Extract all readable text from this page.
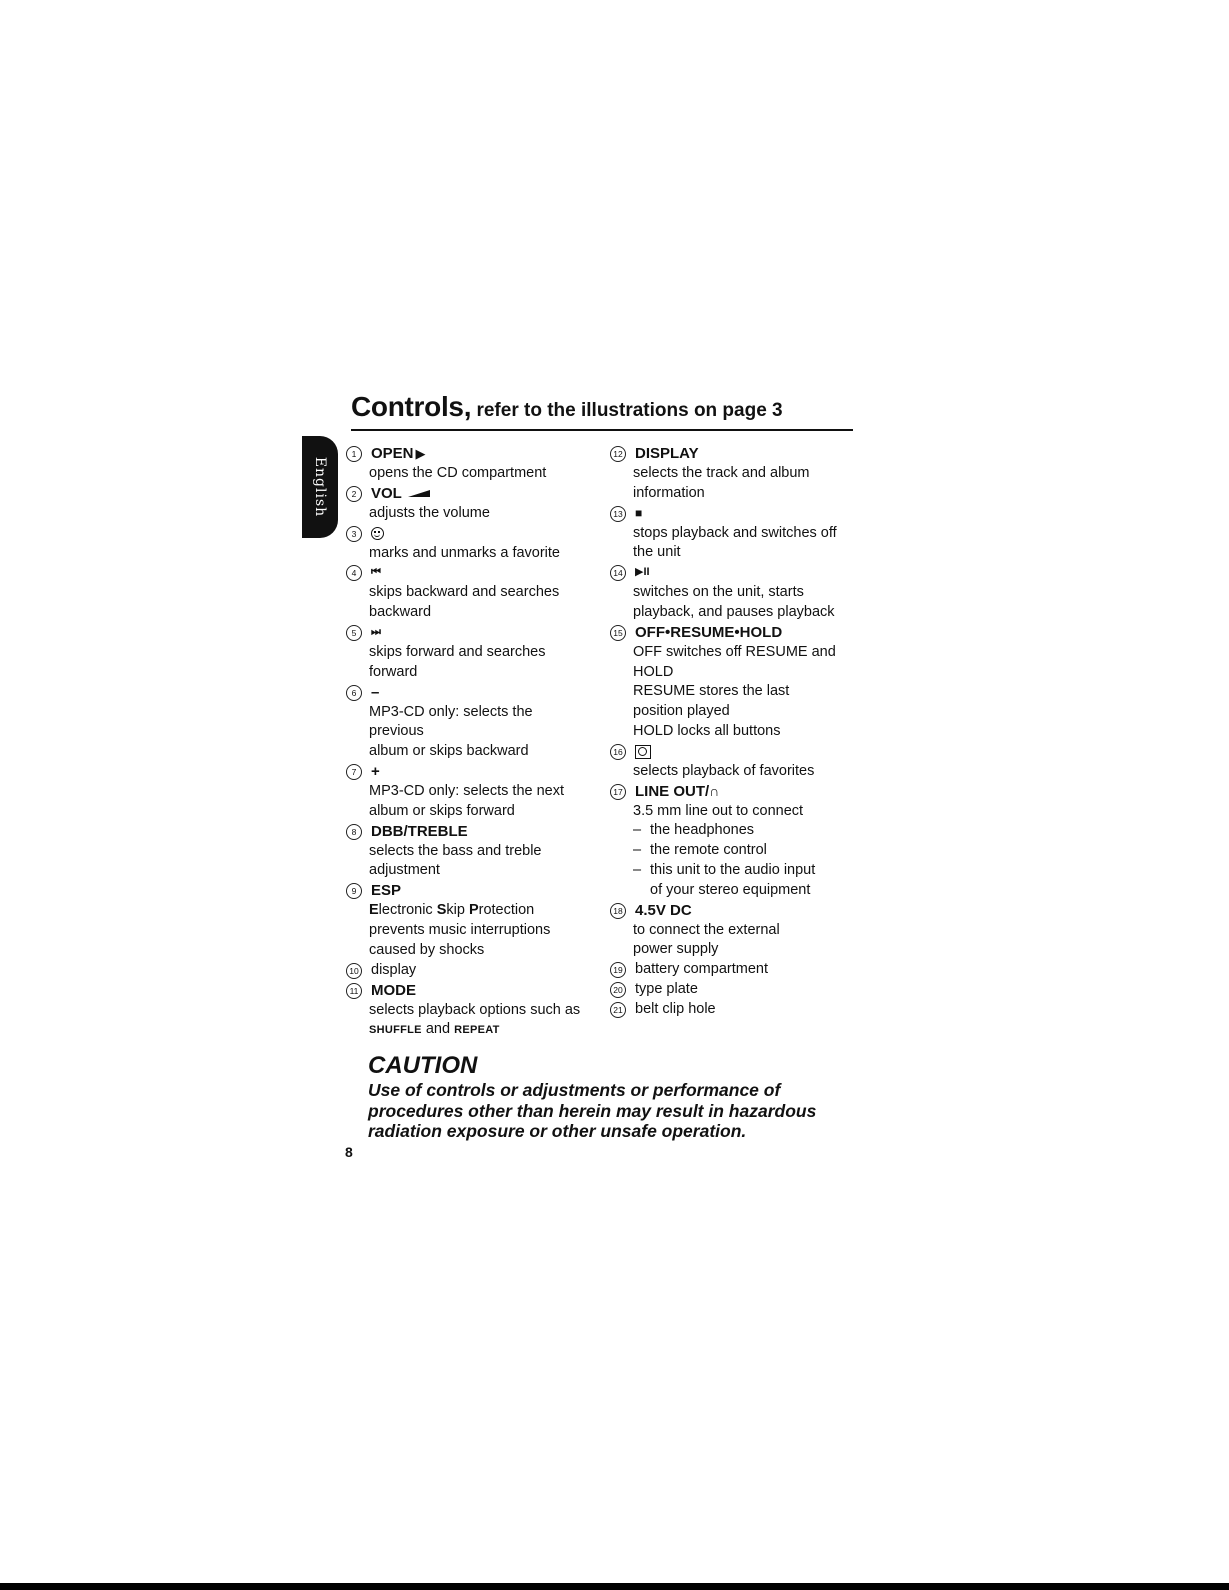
Controls, refer to the illustrations on page 3
English
1 OPEN ▶
opens the CD compartment
2 VOL
adjusts the volume
3
marks and unmarks a favorite
4	⏮
skips backward and searches
backward
5	⏭
skips forward and searches
forward
6 –
MP3-CD only: selects the previous
album or skips backward
7 +
MP3-CD only: selects the next
album or skips forward
8 DBB/TREBLE
selects the bass and treble
adjustment
9 ESP
Electronic Skip Protection
prevents music interruptions
caused by shocks
10 display
11 MODE
selects playback options such as
SHUFFLE and REPEAT
12 DISPLAY
selects the track and album
information
13 ■
stops playback and switches off
the unit
14 ▶II
switches on the unit, starts
playback, and pauses playback
15 OFF•RESUME•HOLD
OFF switches off RESUME and
HOLD
RESUME stores the last
position played
HOLD locks all buttons
16
selects playback of favorites
17 LINE OUT/ ∩
3.5 mm line out to connect
– the headphones
– the remote control
– this unit to the audio input
of your stereo equipment
18 4.5V DC
to connect the external
power supply
19 battery compartment
20 type plate
21 belt clip hole
CAUTION
Use of controls or adjustments or performance of procedures other than herein may result in hazardous radiation exposure or other unsafe operation.
8
